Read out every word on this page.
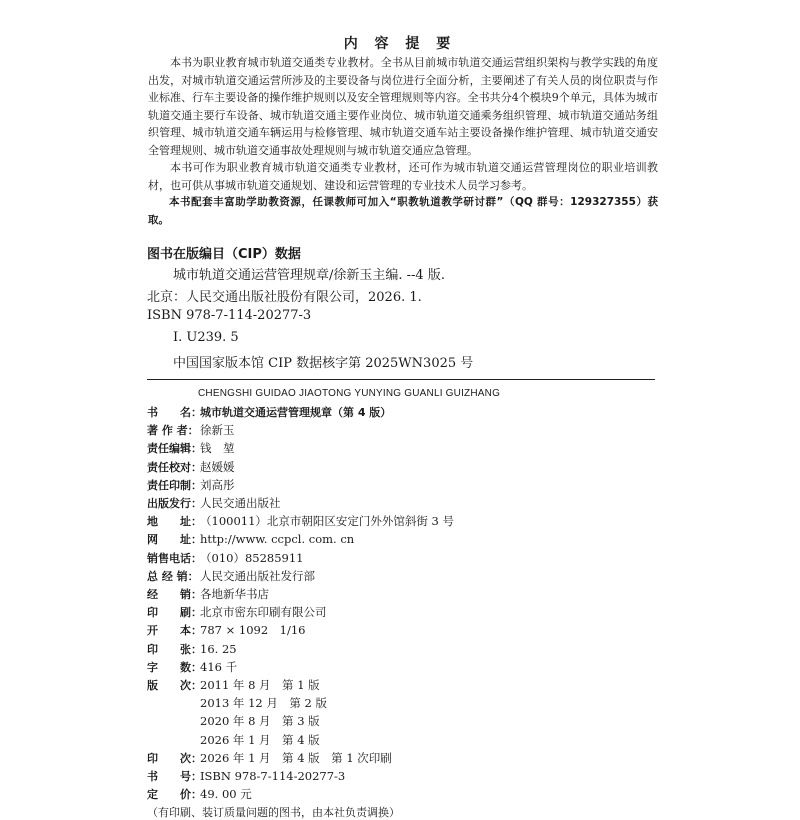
内 容 提 要

本书为职业教育城市轨道交通类专业教材。全书从目前城市轨道交通运营组织架构与教学实践的角度出发，对城市轨道交通运营所涉及的主要设备与岗位进行全面分析，主要阐述了有关人员的岗位职责与作业标准、行车主要设备的操作维护规则以及安全管理规则等内容。全书共分4个模块9个单元，具体为城市轨道交通主要行车设备、城市轨道交通主要作业岗位、城市轨道交通乘务组织管理、城市轨道交通站务组织管理、城市轨道交通车辆运用与检修管理、城市轨道交通车站主要设备操作维护管理、城市轨道交通安全管理规则、城市轨道交通事故处理规则与城市轨道交通应急管理。

本书可作为职业教育城市轨道交通类专业教材，还可作为城市轨道交通运营管理岗位的职业培训教材，也可供从事城市轨道交通规划、建设和运营管理的专业技术人员学习参考。

本书配套丰富助学助教资源，任课教师可加入“职教轨道教学研讨群”（QQ 群号：129327355）获取。

图书在版编目（CIP）数据
城市轨道交通运营管理规章/徐新玉主编. --4 版.
北京：人民交通出版社股份有限公司，2026. 1.
ISBN 978-7-114-20277-3
Ⅰ. U239. 5
中国国家版本馆 CIP 数据核字第 2025WN3025 号
CHENGSHI GUIDAO JIAOTONG YUNYING GUANLI GUIZHANG
书　　名：城市轨道交通运营管理规章（第 4 版）
著 作 者：徐新玉
责任编辑：钱　堃
责任校对：赵媛媛
责任印制：刘高彤
出版发行：人民交通出版社
地　　址：（100011）北京市朝阳区安定门外外馆斜街 3 号
网　　址：http://www. ccpcl. com. cn
销售电话：（010）85285911
总 经 销：人民交通出版社发行部
经　　销：各地新华书店
印　　刷：北京市密东印刷有限公司
开　　本：787 × 1092　1/16
印　　张：16. 25
字　　数：416 千
版　　次：2011 年 8 月　第 1 版
2013 年 12 月　第 2 版
2020 年 8 月　第 3 版
2026 年 1 月　第 4 版
印　　次：2026 年 1 月　第 4 版　第 1 次印刷
书　　号：ISBN 978-7-114-20277-3
定　　价：49. 00 元
（有印刷、装订质量问题的图书，由本社负责调换）
